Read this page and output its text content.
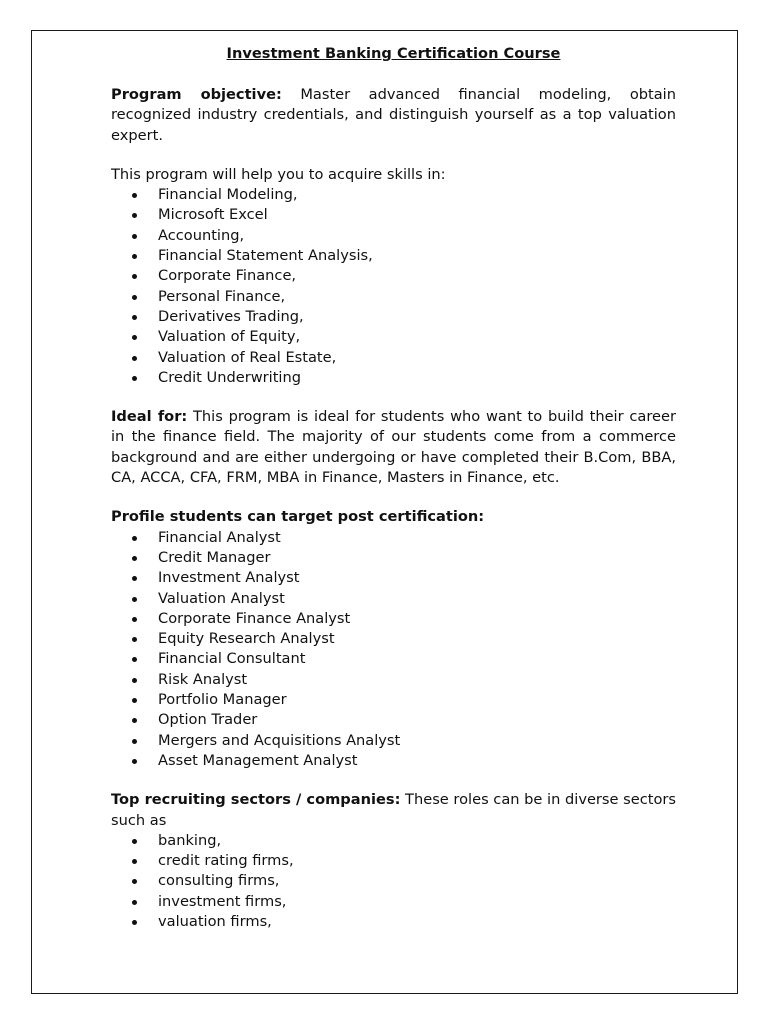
Investment Banking Certification Course

Program objective: Master advanced financial modeling, obtain recognized industry credentials, and distinguish yourself as a top valuation expert.

This program will help you to acquire skills in:

Financial Modeling,
Microsoft Excel
Accounting,
Financial Statement Analysis,
Corporate Finance,
Personal Finance,
Derivatives Trading,
Valuation of Equity,
Valuation of Real Estate,
Credit Underwriting

Ideal for: This program is ideal for students who want to build their career in the finance field. The majority of our students come from a commerce background and are either undergoing or have completed their B.Com, BBA, CA, ACCA, CFA, FRM, MBA in Finance, Masters in Finance, etc.

Profile students can target post certification:

Financial Analyst
Credit Manager
Investment Analyst
Valuation Analyst
Corporate Finance Analyst
Equity Research Analyst
Financial Consultant
Risk Analyst
Portfolio Manager
Option Trader
Mergers and Acquisitions Analyst
Asset Management Analyst

Top recruiting sectors / companies: These roles can be in diverse sectors such as

banking,
credit rating firms,
consulting firms,
investment firms,
valuation firms,
